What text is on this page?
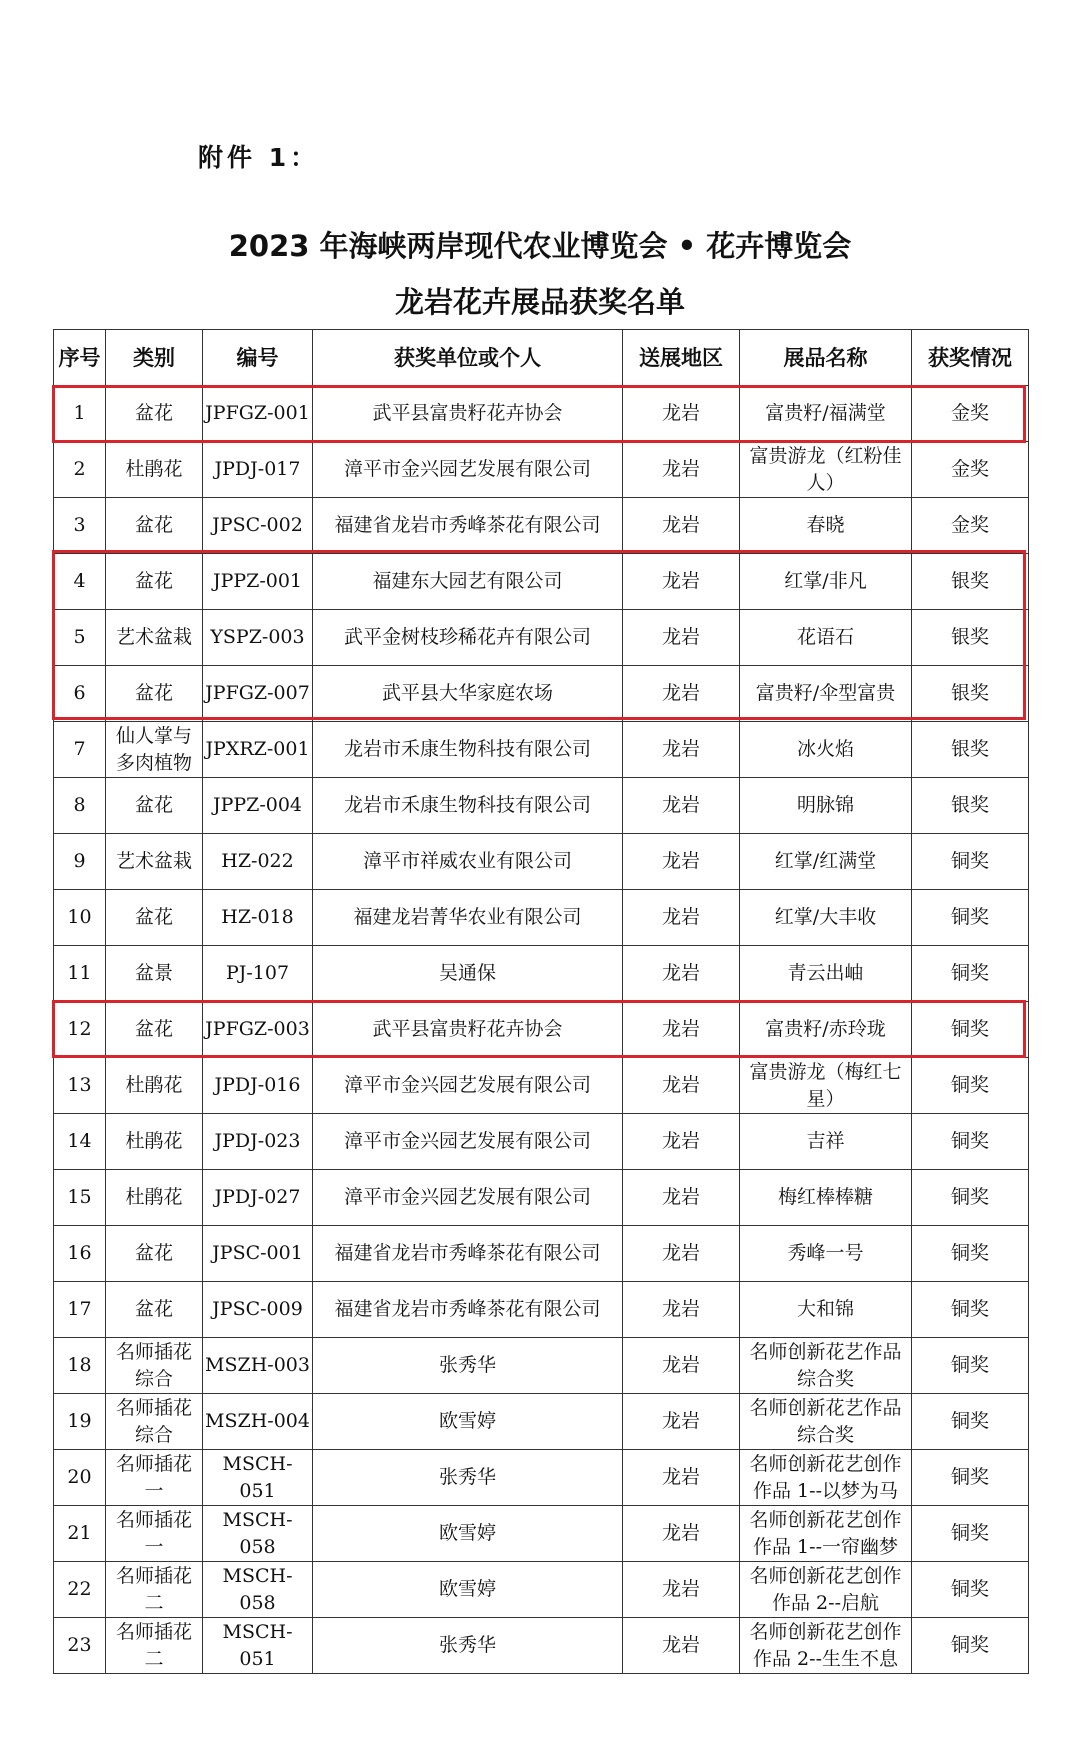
附件 1：
2023 年海峡两岸现代农业博览会 • 花卉博览会
龙岩花卉展品获奖名单
序号	类别	编号	获奖单位或个人	送展地区	展品名称	获奖情况
1	盆花	JPFGZ-001	武平县富贵籽花卉协会	龙岩	富贵籽/福满堂	金奖
2	杜鹃花	JPDJ-017	漳平市金兴园艺发展有限公司	龙岩	富贵游龙（红粉佳人）	金奖
3	盆花	JPSC-002	福建省龙岩市秀峰茶花有限公司	龙岩	春晓	金奖
4	盆花	JPPZ-001	福建东大园艺有限公司	龙岩	红掌/非凡	银奖
5	艺术盆栽	YSPZ-003	武平金树枝珍稀花卉有限公司	龙岩	花语石	银奖
6	盆花	JPFGZ-007	武平县大华家庭农场	龙岩	富贵籽/伞型富贵	银奖
7	仙人掌与多肉植物	JPXRZ-001	龙岩市禾康生物科技有限公司	龙岩	冰火焰	银奖
8	盆花	JPPZ-004	龙岩市禾康生物科技有限公司	龙岩	明脉锦	银奖
9	艺术盆栽	HZ-022	漳平市祥威农业有限公司	龙岩	红掌/红满堂	铜奖
10	盆花	HZ-018	福建龙岩菁华农业有限公司	龙岩	红掌/大丰收	铜奖
11	盆景	PJ-107	吴通保	龙岩	青云出岫	铜奖
12	盆花	JPFGZ-003	武平县富贵籽花卉协会	龙岩	富贵籽/赤玲珑	铜奖
13	杜鹃花	JPDJ-016	漳平市金兴园艺发展有限公司	龙岩	富贵游龙（梅红七星）	铜奖
14	杜鹃花	JPDJ-023	漳平市金兴园艺发展有限公司	龙岩	吉祥	铜奖
15	杜鹃花	JPDJ-027	漳平市金兴园艺发展有限公司	龙岩	梅红棒棒糖	铜奖
16	盆花	JPSC-001	福建省龙岩市秀峰茶花有限公司	龙岩	秀峰一号	铜奖
17	盆花	JPSC-009	福建省龙岩市秀峰茶花有限公司	龙岩	大和锦	铜奖
18	名师插花综合	MSZH-003	张秀华	龙岩	名师创新花艺作品综合奖	铜奖
19	名师插花综合	MSZH-004	欧雪婷	龙岩	名师创新花艺作品综合奖	铜奖
20	名师插花一	MSCH-051	张秀华	龙岩	名师创新花艺创作作品 1--以梦为马	铜奖
21	名师插花一	MSCH-058	欧雪婷	龙岩	名师创新花艺创作作品 1--一帘幽梦	铜奖
22	名师插花二	MSCH-058	欧雪婷	龙岩	名师创新花艺创作作品 2--启航	铜奖
23	名师插花二	MSCH-051	张秀华	龙岩	名师创新花艺创作作品 2--生生不息	铜奖
